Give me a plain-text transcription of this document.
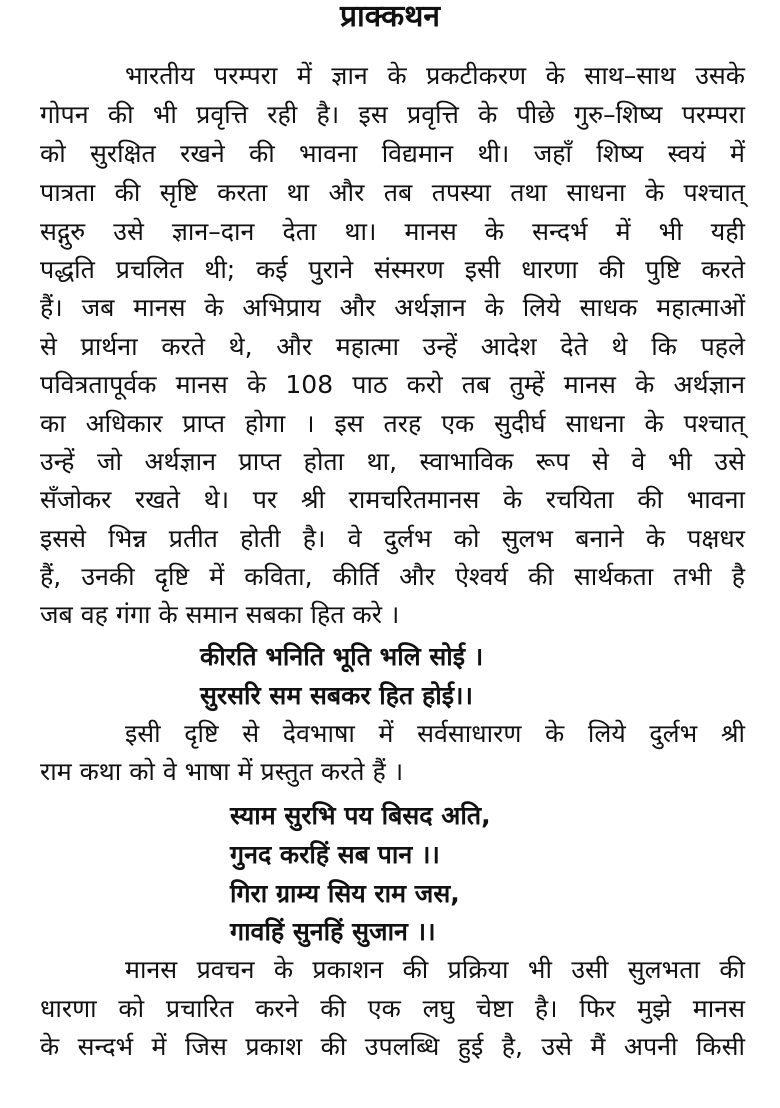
प्राक्कथन
भारतीय परम्परा में ज्ञान के प्रकटीकरण के साथ–साथ उसके
गोपन की भी प्रवृत्ति रही है। इस प्रवृत्ति के पीछे गुरु–शिष्य परम्परा
को सुरक्षित रखने की भावना विद्यमान थी। जहाँ शिष्य स्वयं में
पात्रता की सृष्टि करता था और तब तपस्या तथा साधना के पश्चात्
सद्गुरु उसे ज्ञान–दान देता था। मानस के सन्दर्भ में भी यही
पद्धति प्रचलित थी; कई पुराने संस्मरण इसी धारणा की पुष्टि करते
हैं। जब मानस के अभिप्राय और अर्थज्ञान के लिये साधक महात्माओं
से प्रार्थना करते थे, और महात्मा उन्हें आदेश देते थे कि पहले
पवित्रतापूर्वक मानस के 108 पाठ करो तब तुम्हें मानस के अर्थज्ञान
का अधिकार प्राप्त होगा । इस तरह एक सुदीर्घ साधना के पश्चात्
उन्हें जो अर्थज्ञान प्राप्त होता था, स्वाभाविक रूप से वे भी उसे
सँजोकर रखते थे। पर श्री रामचरितमानस के रचयिता की भावना
इससे भिन्न प्रतीत होती है। वे दुर्लभ को सुलभ बनाने के पक्षधर
हैं, उनकी दृष्टि में कविता, कीर्ति और ऐश्वर्य की सार्थकता तभी है
जब वह गंगा के समान सबका हित करे ।
कीरति भनिति भूति भलि सोई ।
सुरसरि सम सबकर हित होई।।
इसी दृष्टि से देवभाषा में सर्वसाधारण के लिये दुर्लभ श्री
राम कथा को वे भाषा में प्रस्तुत करते हैं ।
स्याम सुरभि पय बिसद अति,
गुनद करहिं सब पान ।।
गिरा ग्राम्य सिय राम जस,
गावहिं सुनहिं सुजान ।।
मानस प्रवचन के प्रकाशन की प्रक्रिया भी उसी सुलभता की
धारणा को प्रचारित करने की एक लघु चेष्टा है। फिर मुझे मानस
के सन्दर्भ में जिस प्रकाश की उपलब्धि हुई है, उसे मैं अपनी किसी
